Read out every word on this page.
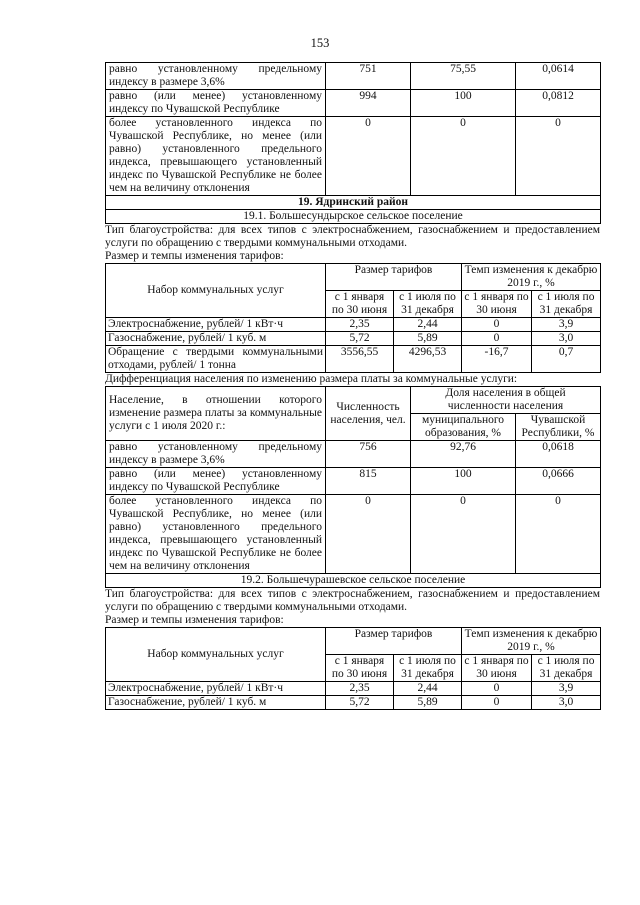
153
равно установленному предельному индексу в размере 3,6%	751	75,55	0,0614
равно (или менее) установленному индексу по Чувашской Республике	994	100	0,0812
более установленного индекса по Чувашской Республике, но менее (или равно) установленного предельного индекса, превышающего установленный индекс по Чувашской Республике не более чем на величину отклонения	0	0	0
19. Ядринский район			
19.1. Большесундырское сельское поселение			
Тип благоустройства: для всех типов с электроснабжением, газоснабжением и предоставлением услуги по обращению с твердыми коммунальными отходами.
Размер и темпы изменения тарифов:
Набор коммунальных услуг	Размер тарифов		Темп изменения к декабрю 2019 г., %	
	с 1 января по 30 июня	с 1 июля по 31 декабря	с 1 января по 30 июня	с 1 июля по 31 декабря
Электроснабжение, рублей/ 1 кВт·ч	2,35	2,44	0	3,9
Газоснабжение, рублей/ 1 куб. м	5,72	5,89	0	3,0
Обращение с твердыми коммунальными отходами, рублей/ 1 тонна	3556,55	4296,53	-16,7	0,7
Дифференциация населения по изменению размера платы за коммунальные услуги:
Население, в отношении которого изменение размера платы за коммунальные услуги с 1 июля 2020 г.:	Численность населения, чел.	Доля населения в общей численности населения	
		муниципального образования, %	Чувашской Республики, %
равно установленному предельному индексу в размере 3,6%	756	92,76	0,0618
равно (или менее) установленному индексу по Чувашской Республике	815	100	0,0666
более установленного индекса по Чувашской Республике, но менее (или равно) установленного предельного индекса, превышающего установленный индекс по Чувашской Республике не более чем на величину отклонения	0	0	0
19.2. Большечурашевское сельское поселение			
Тип благоустройства: для всех типов с электроснабжением, газоснабжением и предоставлением услуги по обращению с твердыми коммунальными отходами.
Размер и темпы изменения тарифов:
Набор коммунальных услуг	Размер тарифов		Темп изменения к декабрю 2019 г., %	
	с 1 января по 30 июня	с 1 июля по 31 декабря	с 1 января по 30 июня	с 1 июля по 31 декабря
Электроснабжение, рублей/ 1 кВт·ч	2,35	2,44	0	3,9
Газоснабжение, рублей/ 1 куб. м	5,72	5,89	0	3,0
